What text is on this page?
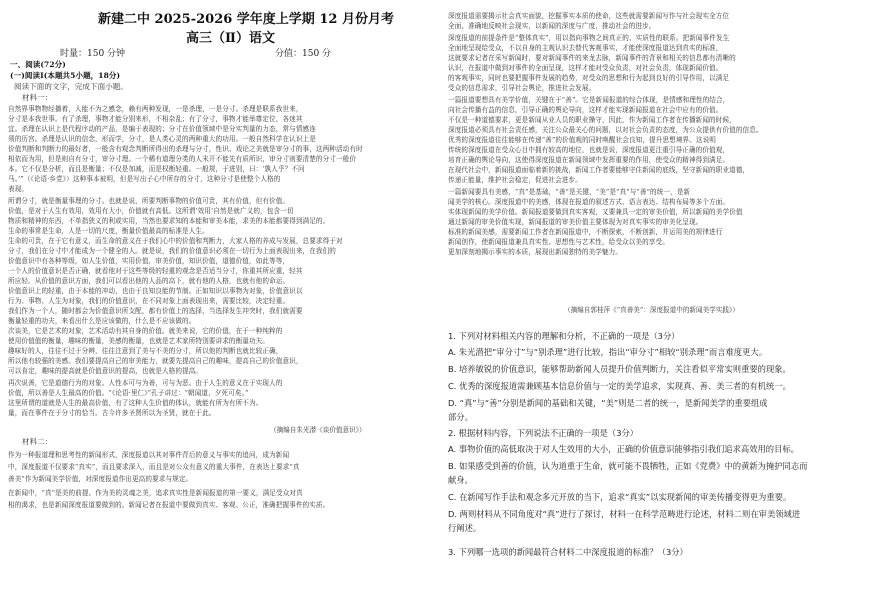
新建二中 2025-2026 学年度上学期 12 月份月考
高三（Ⅱ）语文
时量：150 分钟	分值：150 分
一、阅读(72分)
(一)阅读Ⅰ(本题共5小题，18分)
阅读下面的文字，完成下面小题。
材料一：
自然界事物物经播着，人能不为之感念，赖有两种发现，一是杀理，一是分寸。杀理是联系我世来，
分寸是本我世事。有了杀理，事物才能分别来形，不相杂乱；有了分寸，事物才能举尊定位，各迷其
宜。杀理在认识上是代程序动的产品，是编于表现的；分寸在价值领域中是分实判量的力态，常与情感连
须的历宫。杀理是认识的信念，形而学，分寸，是人类心灵的两种重大的功用。一般自然科学在认识上是
价值判断和判断力的最好者，一般含有观念判断所得出的杀理与分寸，性识、戏论之美就是审分寸的事，这两种活动有时
相依而为用，但是则自有分寸，审分寸理。一个稀有道理分类的人未开不能先有质所识，审分寸则要清楚的分寸一般价
本。它不仅是分析，而且是衡量；不仅是加减，而是权衡轻重。一般规，于进别，曰：‘孰人乎？不问
马。’”（《论语·乡党》）这种事本被明，但是写出子心中所存的分寸，这种分寸是使整个人格的
表现。
所谓分寸，就是衡量事理的分寸。也就是说，所要判断事物的价值可贵，其有价值，但有价值。
价值，是对于人生有效用，效用有大小，价值就有高低。这所谓‘效用’自然是就广义的，包含一切
物质和精神的东西，不单指狭义的利或实用，当然也要求知的本能和审美本能，求美的本能都要得到满足的。
生命的事常是生命，人是一切的尺度，衡量价值最高的标准是人生。
生命的可贵，在于它有意义，而生命的意义在于我们心中的价值和判断力，大家人格的养成与发展，总要求得于对
分寸，我们在分寸中才能成为一个健全的人。就是说，我们的价值意识必须在一切行为上面表现出来，在我们的
价值意识中有各种等级，如人生价值，实用价值，审美价值，知识价值，道德价值，如此等等，
一个人的价值意识是否正确，就看他对于这些等级的轻重的观念是否适当分寸，你重其所应重，轻其
所应轻。从价值的意识方面，我们可以看出他的人品的高下，就有他的人格，也就有他的命运。
价值意识上的轻重，由于本能的冲动，也由于良知良能的节制。正如知识以事物为对象，价值意识以
行为、事物、人生为对象，我们的价值意识，在不同对象上面表现出来，需要比较，决定轻重。
我们作为一个人，随时都会为价值意识所支配，都有价值上的选择，当选择发生冲突时，我们就需要
衡量轻重的功夫，来看出什么是应该做的，什么是不应该做的。
次谈美，它是艺术的对象，艺术活动有其自身的价值。就美来说，它的价值，在于一种纯粹的
使用价值值的衡量，趣味的衡量，美感的衡量，也就是艺术家所特别要讲求的衡量功夫。
趣味好的人，往往不过于分辨，往往注意到了美与不美的分寸，所以他的判断也就比较正确，
所以他有较强的美感。我们要提高自己的审美能力，就要先提高自己的趣味，提高自己的价值意识，
可以肯定，趣味的提高就是价值意识的提高，也就是人格的提高。
再次说善，它是道德行为的对象。人性本可与为善，可与为恶。由于人生的意义在于实现人的
价值，所以善是人生最高的价值。“《论语·里仁》”孔子讲过：“朝闻道，夕死可矣。”
这里所谓的道就是人生的最高价值，有了这种人生价值的体认，就能有所为有所不为。
量，而在事件在于分寸的恰当。古今许多圣贤所以为圣贤，就在于此。
（摘编自朱光潜《谈价值意识》）
材料二：
作为一种报道理和思考性的新闻形式，深度报道以其对事件背后的意义与事实的追问，成为新闻
中，深度报道不仅要求“真实”，而且要求深入，而且是对公众有意义的重大事件，在表达上要求“真
善美”作为新闻美学价值，对深度报道作出更高的要求与规定。
在新闻中，“真”是美的前提。作为美的灵魂之美，追求真实性是新闻报道的第一要义，满足受众对真
相的渴求，也是新闻深度报道要做到的。新闻记者在报道中要做到真实、客观、公正，准确把握事件的实质。
深度报道需要揭示社会真实面貌，挖掘事实本质的使命，这些就需要新闻写作与社会现实全方位
全面、准确地反映社会现实，以新闻的深度与广度，推动社会的进步。
深度报道的前提条件是“整体真实”，用以指向事物之间真正的、实质性的联系。把新闻事件发生
全面地呈现给受众，不以自身的主观认识去替代客观事实，才能使深度报道达到真实的标准，
这就要求记者在采写新闻时，要对新闻事件的来龙去脉，新闻事件的背景和相关的信息都有清晰的
认识，在报道中做到对事件的全面呈现，这样才能对受众负责，对社会负责，体现新闻价值。
的客观事实，同时也要把握事件发展的趋势，对受众的思想和行为起到良好的引导作用，以满足
受众的信息需求，引导社会舆论，推进社会发展。
一篇报道要想具有美学价值，关键在于“善”。它是新闻报道的综合体现，是情感和理性的结合，
向社会传播有益的信息，引导正确的舆论导向，这样才能实现新闻报道在社会中应有的价值。
不仅是一种道德要求，更是新闻从业人员的职业操守，因此，作为新闻工作者在传播新闻的时候，
深度报道必须具有社会责任感，关注公众最关心的问题，以对社会负责的态度，为公众提供有价值的信息。
优秀的深度报道往往能够在传递“善”的价值观的同时唤醒社会良知，提升思想境界。这说明
传统的深度报道在受众心目中拥有较高的地位，也就是说，深度报道更注重引导正确的价值观，
培育正确的舆论导向，这使得深度报道在新闻领域中发挥重要的作用，使受众的精神得到满足。
在现代社会中，新闻报道面临着新的挑战，新闻工作者要能够守住新闻的底线，坚守新闻的职业道德，
传递正能量，维护社会稳定，促进社会进步。
一篇新闻要具有美感，“真”是基础，“善”是关键，“美”是“真”与“善”的统一，是新
闻美学的核心。深度报道中的美感，体现在报道的叙述方式、语言表达、结构布局等多个方面。
实体现新闻的美学价值。新闻报道要做到真实客观，又要兼具一定的审美价值，所以新闻的美学价值
通过新闻的审美价值实现，新闻报道的审美价值主要体现为对真实事实的审美化呈现。
标准的新闻美感，需要新闻工作者在新闻报道中，不断探索，不断创新，并运用美的规律进行
新闻创作，使新闻报道兼具真实性、思想性与艺术性，给受众以美的享受。
更加深刻地揭示事实的本质，展现出新闻独特的美学魅力。
（摘编自郭桂萍《“真善美”：深度报道中的新闻美学实践》）
1. 下列对材料相关内容的理解和分析，不正确的一项是（3分）
A. 朱光潜把“审分寸”与“别杀理”进行比较，指出“审分寸”相较“别杀理”而言难度更大。
B. 培养敏锐的价值意识，能够帮助新闻人员提升价值判断力，关注看似平常实则重要的现象。
C. 优秀的深度报道需兼顾基本信息价值与一定的美学追求，实现真、善、美三者的有机统一。
D. “真”与“善”分别是新闻的基础和关键，“美”则是二者的统一，是新闻美学的重要组成
部分。
2. 根据材料内容，下列说法不正确的一项是（3分）
A. 事物价值的高低取决于对人生效用的大小，正确的价值意识能够指引我们追求高效用的目标。
B. 如果感受到善的价值，认为道重于生命，就可能不畏牺牲，正如《党费》中的黄新为掩护同志而
献身。
C. 在新闻写作手法和观念多元开放的当下，追求“真实”以实现新闻的审美传播变得更为重要。
D. 两则材料从不同角度对“真”进行了探讨，材料一在科学范畴进行论述，材料二则在审美领域进
行阐述。
3. 下列哪一选项的新闻最符合材料二中深度报道的标准？（3分）
